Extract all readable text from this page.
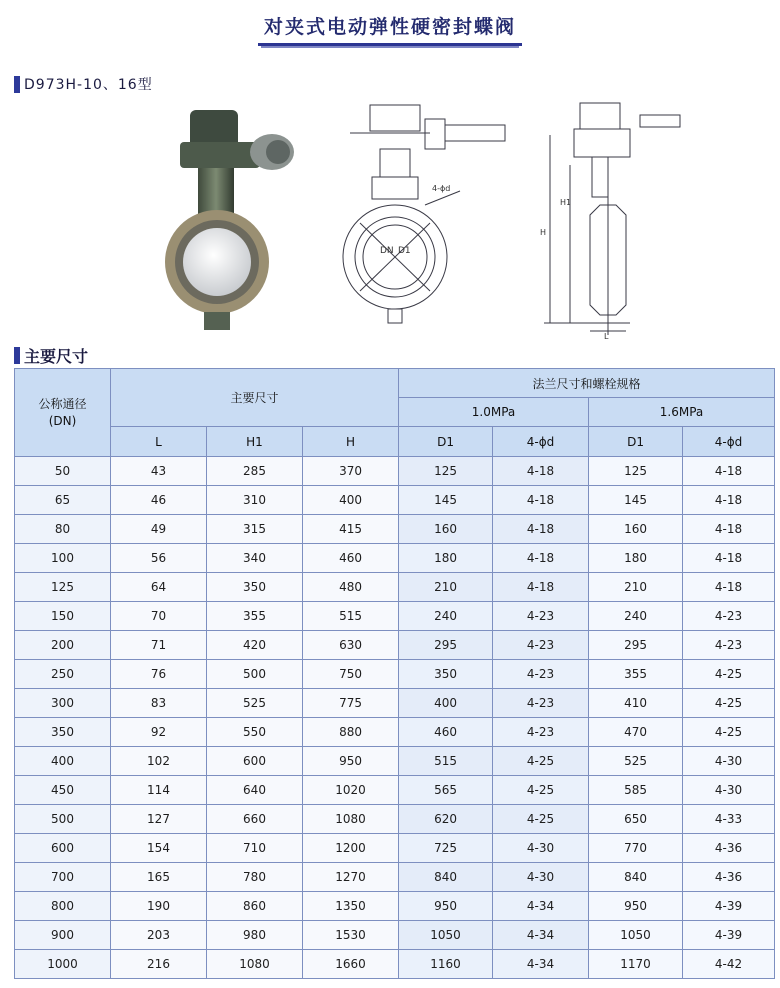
对夹式电动弹性硬密封蝶阀
D973H-10、16型
4-ϕd
DN D1
H
H1
L
主要尺寸
公称通径
(DN)	主要尺寸			法兰尺寸和螺栓规格			
				1.0MPa		1.6MPa	
	L	H1	H	D1	4-ϕd	D1	4-ϕd
50	43	285	370	125	4-18	125	4-18
65	46	310	400	145	4-18	145	4-18
80	49	315	415	160	4-18	160	4-18
100	56	340	460	180	4-18	180	4-18
125	64	350	480	210	4-18	210	4-18
150	70	355	515	240	4-23	240	4-23
200	71	420	630	295	4-23	295	4-23
250	76	500	750	350	4-23	355	4-25
300	83	525	775	400	4-23	410	4-25
350	92	550	880	460	4-23	470	4-25
400	102	600	950	515	4-25	525	4-30
450	114	640	1020	565	4-25	585	4-30
500	127	660	1080	620	4-25	650	4-33
600	154	710	1200	725	4-30	770	4-36
700	165	780	1270	840	4-30	840	4-36
800	190	860	1350	950	4-34	950	4-39
900	203	980	1530	1050	4-34	1050	4-39
1000	216	1080	1660	1160	4-34	1170	4-42
